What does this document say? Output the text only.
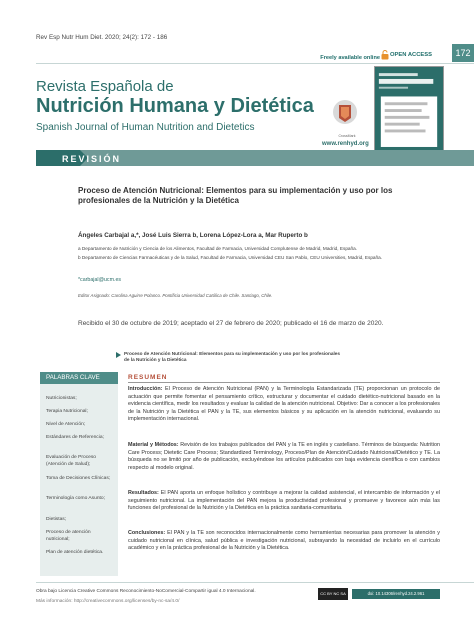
Rev Esp Nutr Hum Diet. 2020; 24(2): 172 - 186
Freely available online OPEN ACCESS	172
Revista Española de
Nutrición Humana y Dietética
Spanish Journal of Human Nutrition and Dietetics
CrossMark
www.renhyd.org
REVISIÓN
Proceso de Atención Nutricional: Elementos para su implementación y uso por los profesionales de la Nutrición y la Dietética
Ángeles Carbajal a,*, José Luis Sierra b, Lorena López-Lora a, Mar Ruperto b
a Departamento de Nutrición y Ciencia de los Alimentos, Facultad de Farmacia, Universidad Complutense de Madrid, Madrid, España.
b Departamento de Ciencias Farmacéuticas y de la Salud, Facultad de Farmacia, Universidad CEU San Pablo, CEU Universities, Madrid, España.
*carbajal@ucm.es
Editor Asignado: Carolina Aguirre Polanco. Pontificia Universidad Católica de Chile. Santiago, Chile.
Recibido el 30 de octubre de 2019; aceptado el 27 de febrero de 2020; publicado el 16 de marzo de 2020.
Proceso de Atención Nutricional: Elementos para su implementación y uso por los profesionales de la Nutrición y la Dietética
PALABRAS CLAVE
Nutricionistas;
Terapia Nutricional;
Nivel de Atención;
Estándares de Referencia;
Evaluación de Proceso (Atención de Salud);
Toma de Decisiones Clínicas;
Terminología como Asunto;
Dietistas;
Proceso de atención nutricional;
Plan de atención dietética.
RESUMEN
Introducción: El Proceso de Atención Nutricional (PAN) y la Terminología Estandarizada (TE) proporcionan un protocolo de actuación que permite fomentar el pensamiento crítico, estructurar y documentar el cuidado dietético-nutricional basado en la evidencia científica, medir los resultados y evaluar la calidad de la atención nutricional. Objetivo: Dar a conocer a los profesionales de la Nutrición y la Dietética el PAN y la TE, sus elementos básicos y su aplicación en la atención nutricional, evaluando su implementación internacional.
Material y Métodos: Revisión de los trabajos publicados del PAN y la TE en inglés y castellano. Términos de búsqueda: Nutrition Care Process; Dietetic Care Process; Standardized Terminology, Proceso/Plan de Atención/Cuidado Nutricional/Dietético y TE. La búsqueda no se limitó por año de publicación, excluyéndose los artículos publicados con baja evidencia científica o con cambios respecto al modelo original.
Resultados: El PAN aporta un enfoque holístico y contribuye a mejorar la calidad asistencial, el intercambio de información y el seguimiento nutricional. La implementación del PAN mejora la productividad profesional y promueve y favorece aún más las funciones del profesional de la Nutrición y la Dietética en la práctica sanitaria-comunitaria.
Conclusiones: El PAN y la TE son reconocidos internacionalmente como herramientas necesarias para promover la atención y cuidado nutricional en clínica, salud pública e investigación nutricional, subrayando la necesidad de incluirlo en el currículo académico y en la práctica profesional de la Nutrición y la Dietética.
Obra bajo Licencia Creative Commons Reconocimiento-NoComercial-Compartir igual 4.0 Internacional.
Más información: http://creativecommons.org/licenses/by-nc-sa/4.0/
CC BY NC SA	doi: 10.14306/renhyd.24.2.961
